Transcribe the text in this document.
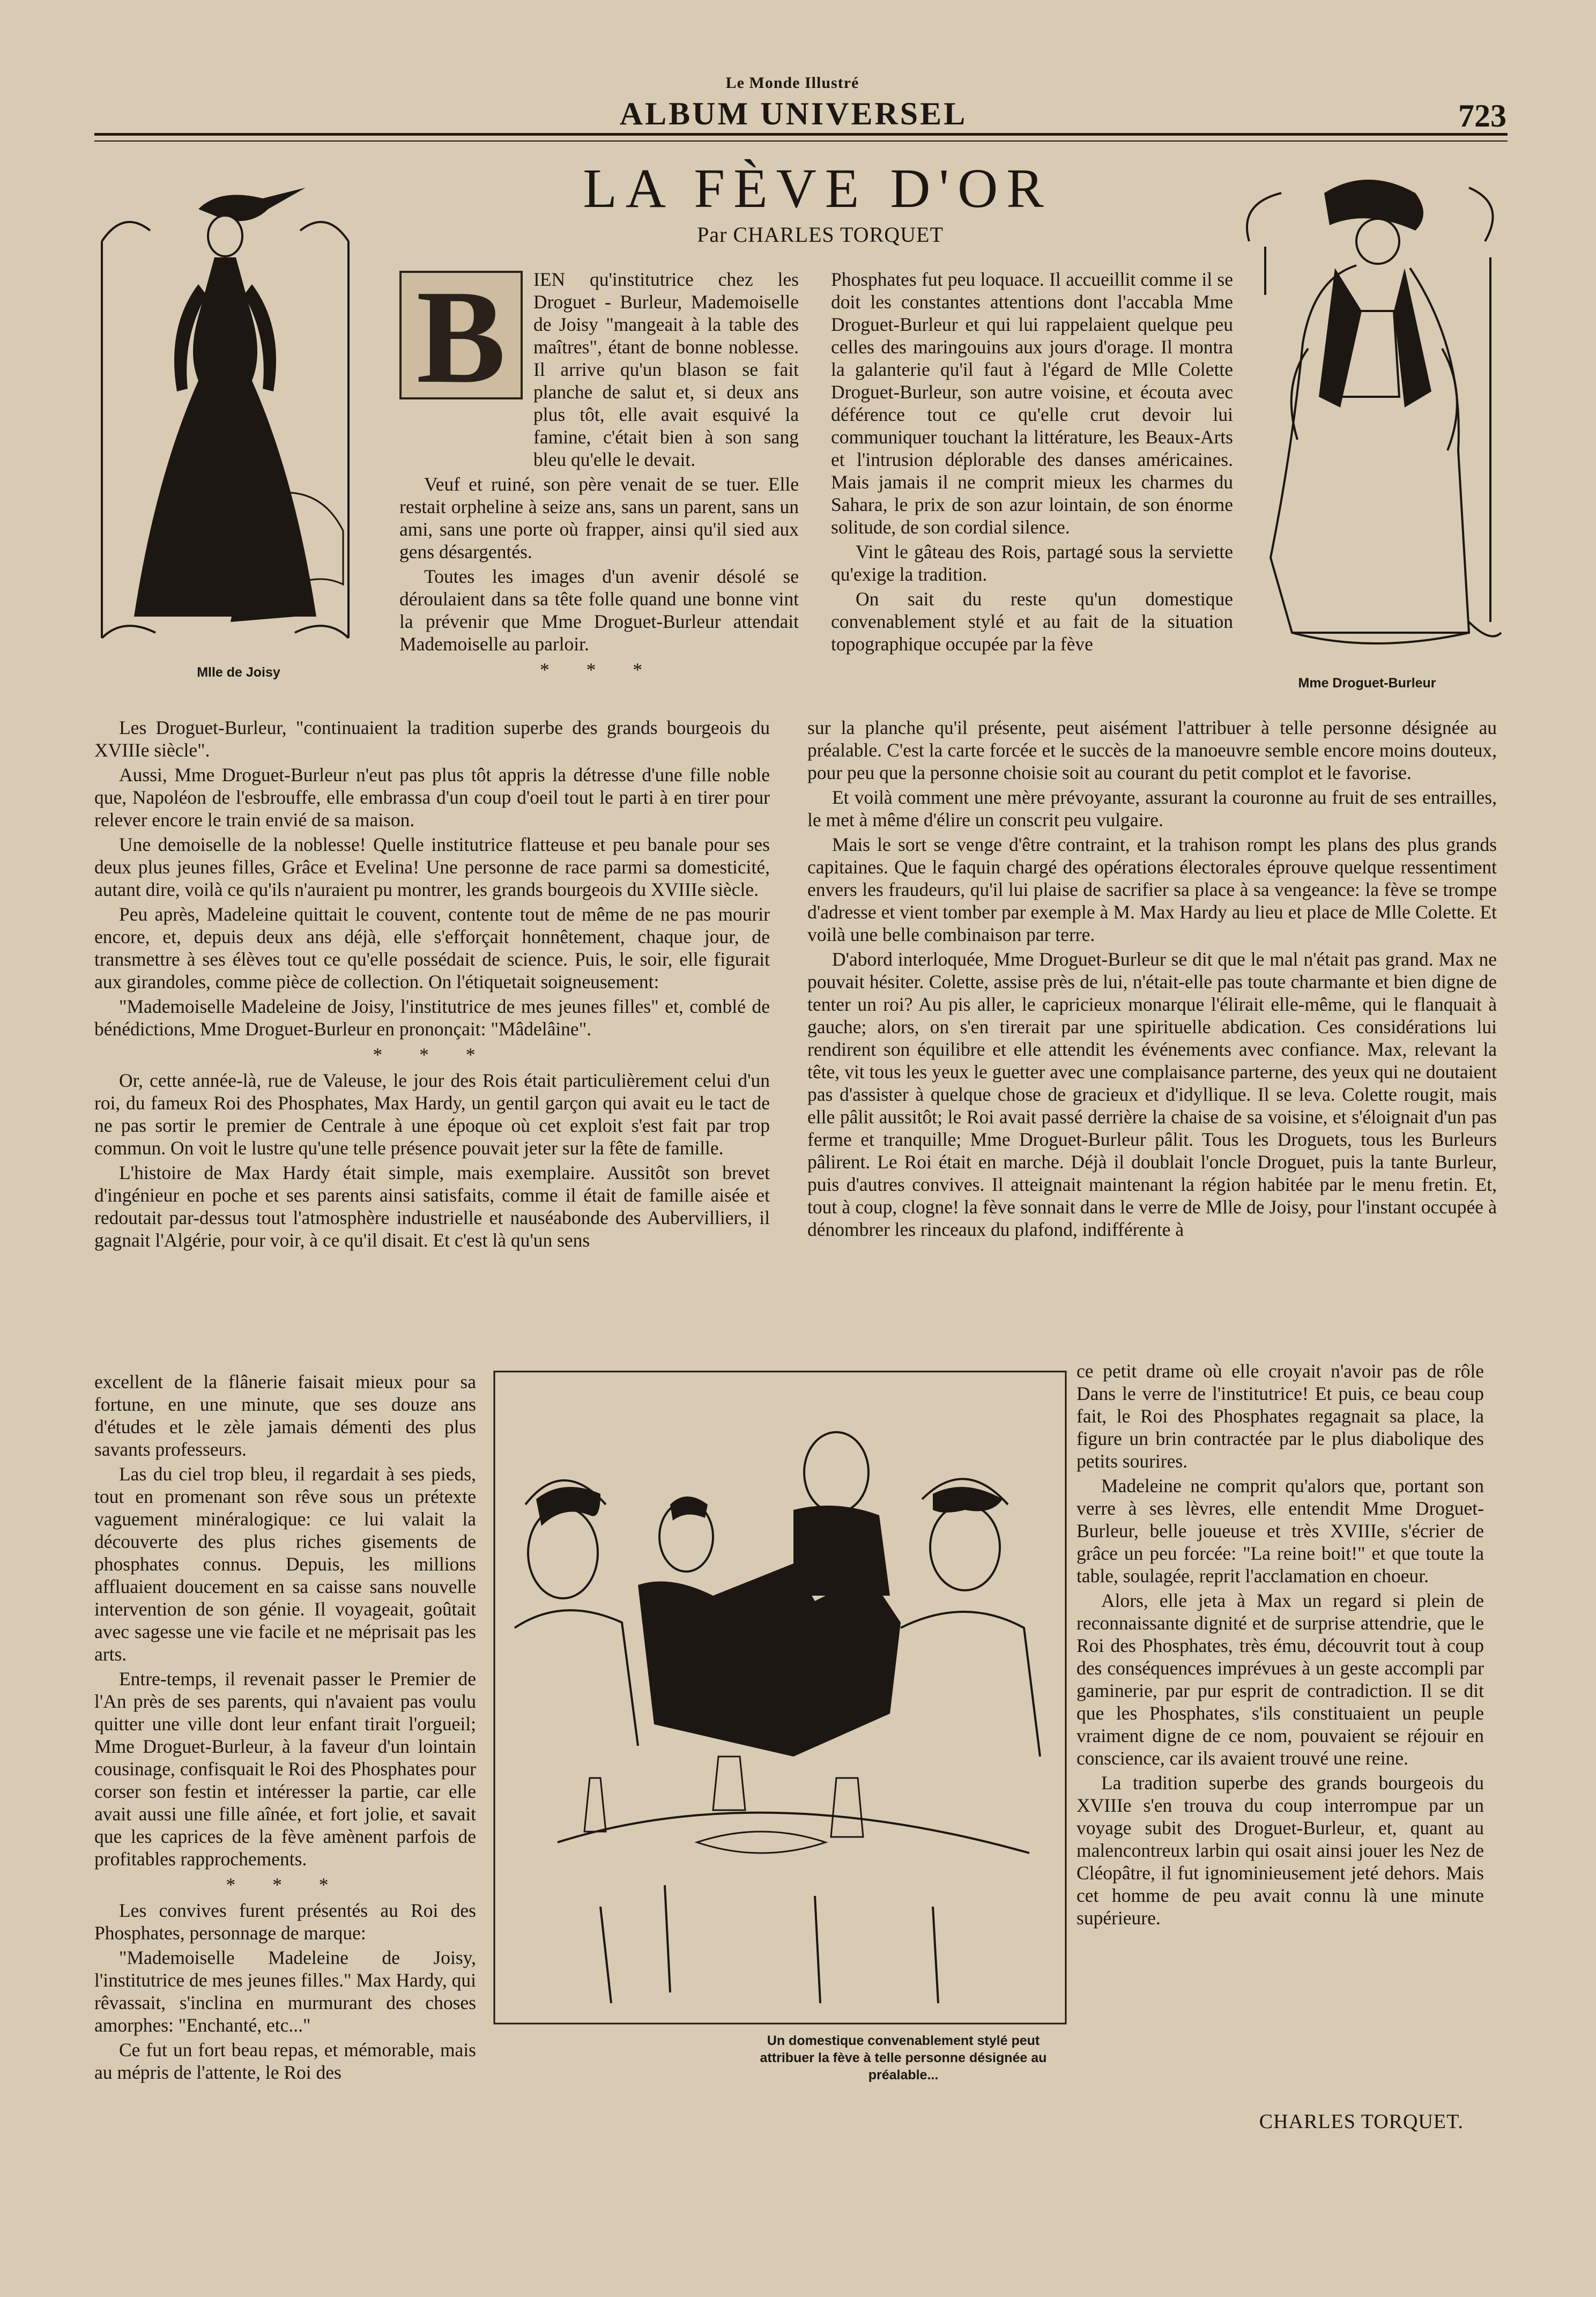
Le Monde Illustré
ALBUM UNIVERSEL	723
LA FÈVE D'OR
Par CHARLES TORQUET
Mlle de Joisy
Mme Droguet-Burleur
B	IEN qu'institutrice chez les Droguet - Burleur, Mademoiselle de Joisy "mangeait à la table des maîtres", étant de bonne noblesse. Il arrive qu'un blason se fait planche de salut et, si deux ans plus tôt, elle avait esquivé la famine, c'était bien à son sang bleu qu'elle le devait.

Veuf et ruiné, son père venait de se tuer. Elle restait orpheline à seize ans, sans un parent, sans un ami, sans une porte où frapper, ainsi qu'il sied aux gens désargentés.

Toutes les images d'un avenir désolé se déroulaient dans sa tête folle quand une bonne vint la prévenir que Mme Droguet-Burleur attendait Mademoiselle au parloir.

* * *

Phosphates fut peu loquace. Il accueillit comme il se doit les constantes attentions dont l'accabla Mme Droguet-Burleur et qui lui rappelaient quelque peu celles des maringouins aux jours d'orage. Il montra la galanterie qu'il faut à l'égard de Mlle Colette Droguet-Burleur, son autre voisine, et écouta avec déférence tout ce qu'elle crut devoir lui communiquer touchant la littérature, les Beaux-Arts et l'intrusion déplorable des danses américaines. Mais jamais il ne comprit mieux les charmes du Sahara, le prix de son azur lointain, de son énorme solitude, de son cordial silence.

Vint le gâteau des Rois, partagé sous la serviette qu'exige la tradition.

On sait du reste qu'un domestique convenablement stylé et au fait de la situation topographique occupée par la fève

Les Droguet-Burleur, "continuaient la tradition superbe des grands bourgeois du XVIIIe siècle".

Aussi, Mme Droguet-Burleur n'eut pas plus tôt appris la détresse d'une fille noble que, Napoléon de l'esbrouffe, elle embrassa d'un coup d'oeil tout le parti à en tirer pour relever encore le train envié de sa maison.

Une demoiselle de la noblesse! Quelle institutrice flatteuse et peu banale pour ses deux plus jeunes filles, Grâce et Evelina! Une personne de race parmi sa domesticité, autant dire, voilà ce qu'ils n'auraient pu montrer, les grands bourgeois du XVIIIe siècle.

Peu après, Madeleine quittait le couvent, contente tout de même de ne pas mourir encore, et, depuis deux ans déjà, elle s'efforçait honnêtement, chaque jour, de transmettre à ses élèves tout ce qu'elle possédait de science. Puis, le soir, elle figurait aux girandoles, comme pièce de collection. On l'étiquetait soigneusement:

"Mademoiselle Madeleine de Joisy, l'institutrice de mes jeunes filles" et, comblé de bénédictions, Mme Droguet-Burleur en prononçait: "Mâdelâine".

* * *

Or, cette année-là, rue de Valeuse, le jour des Rois était particulièrement celui d'un roi, du fameux Roi des Phosphates, Max Hardy, un gentil garçon qui avait eu le tact de ne pas sortir le premier de Centrale à une époque où cet exploit s'est fait par trop commun. On voit le lustre qu'une telle présence pouvait jeter sur la fête de famille.

L'histoire de Max Hardy était simple, mais exemplaire. Aussitôt son brevet d'ingénieur en poche et ses parents ainsi satisfaits, comme il était de famille aisée et redoutait par-dessus tout l'atmosphère industrielle et nauséabonde des Aubervilliers, il gagnait l'Algérie, pour voir, à ce qu'il disait. Et c'est là qu'un sens

excellent de la flânerie faisait mieux pour sa fortune, en une minute, que ses douze ans d'études et le zèle jamais démenti des plus savants professeurs.

Las du ciel trop bleu, il regardait à ses pieds, tout en promenant son rêve sous un prétexte vaguement minéralogique: ce lui valait la découverte des plus riches gisements de phosphates connus. Depuis, les millions affluaient doucement en sa caisse sans nouvelle intervention de son génie. Il voyageait, goûtait avec sagesse une vie facile et ne méprisait pas les arts.

Entre-temps, il revenait passer le Premier de l'An près de ses parents, qui n'avaient pas voulu quitter une ville dont leur enfant tirait l'orgueil; Mme Droguet-Burleur, à la faveur d'un lointain cousinage, confisquait le Roi des Phosphates pour corser son festin et intéresser la partie, car elle avait aussi une fille aînée, et fort jolie, et savait que les caprices de la fève amènent parfois de profitables rapprochements.

* * *

Les convives furent présentés au Roi des Phosphates, personnage de marque:

"Mademoiselle Madeleine de Joisy, l'institutrice de mes jeunes filles." Max Hardy, qui rêvassait, s'inclina en murmurant des choses amorphes: "Enchanté, etc..."

Ce fut un fort beau repas, et mémorable, mais au mépris de l'attente, le Roi des

sur la planche qu'il présente, peut aisément l'attribuer à telle personne désignée au préalable. C'est la carte forcée et le succès de la manoeuvre semble encore moins douteux, pour peu que la personne choisie soit au courant du petit complot et le favorise.

Et voilà comment une mère prévoyante, assurant la couronne au fruit de ses entrailles, le met à même d'élire un conscrit peu vulgaire.

Mais le sort se venge d'être contraint, et la trahison rompt les plans des plus grands capitaines. Que le faquin chargé des opérations électorales éprouve quelque ressentiment envers les fraudeurs, qu'il lui plaise de sacrifier sa place à sa vengeance: la fève se trompe d'adresse et vient tomber par exemple à M. Max Hardy au lieu et place de Mlle Colette. Et voilà une belle combinaison par terre.

D'abord interloquée, Mme Droguet-Burleur se dit que le mal n'était pas grand. Max ne pouvait hésiter. Colette, assise près de lui, n'était-elle pas toute charmante et bien digne de tenter un roi? Au pis aller, le capricieux monarque l'élirait elle-même, qui le flanquait à gauche; alors, on s'en tirerait par une spirituelle abdication. Ces considérations lui rendirent son équilibre et elle attendit les événements avec confiance. Max, relevant la tête, vit tous les yeux le guetter avec une complaisance parterne, des yeux qui ne doutaient pas d'assister à quelque chose de gracieux et d'idyllique. Il se leva. Colette rougit, mais elle pâlit aussitôt; le Roi avait passé derrière la chaise de sa voisine, et s'éloignait d'un pas ferme et tranquille; Mme Droguet-Burleur pâlit. Tous les Droguets, tous les Burleurs pâlirent. Le Roi était en marche. Déjà il doublait l'oncle Droguet, puis la tante Burleur, puis d'autres convives. Il atteignait maintenant la région habitée par le menu fretin. Et, tout à coup, clogne! la fève sonnait dans le verre de Mlle de Joisy, pour l'instant occupée à dénombrer les rinceaux du plafond, indifférente à

ce petit drame où elle croyait n'avoir pas de rôle Dans le verre de l'institutrice! Et puis, ce beau coup fait, le Roi des Phosphates regagnait sa place, la figure un brin contractée par le plus diabolique des petits sourires.

Madeleine ne comprit qu'alors que, portant son verre à ses lèvres, elle entendit Mme Droguet-Burleur, belle joueuse et très XVIIIe, s'écrier de grâce un peu forcée: "La reine boit!" et que toute la table, soulagée, reprit l'acclamation en choeur.

Alors, elle jeta à Max un regard si plein de reconnaissante dignité et de surprise attendrie, que le Roi des Phosphates, très ému, découvrit tout à coup des conséquences imprévues à un geste accompli par gaminerie, par pur esprit de contradiction. Il se dit que les Phosphates, s'ils constituaient un peuple vraiment digne de ce nom, pouvaient se réjouir en conscience, car ils avaient trouvé une reine.

La tradition superbe des grands bourgeois du XVIIIe s'en trouva du coup interrompue par un voyage subit des Droguet-Burleur, et, quant au malencontreux larbin qui osait ainsi jouer les Nez de Cléopâtre, il fut ignominieusement jeté dehors. Mais cet homme de peu avait connu là une minute supérieure.

Un domestique convenablement stylé peut attribuer la fève à telle personne désignée au préalable...
CHARLES TORQUET.
